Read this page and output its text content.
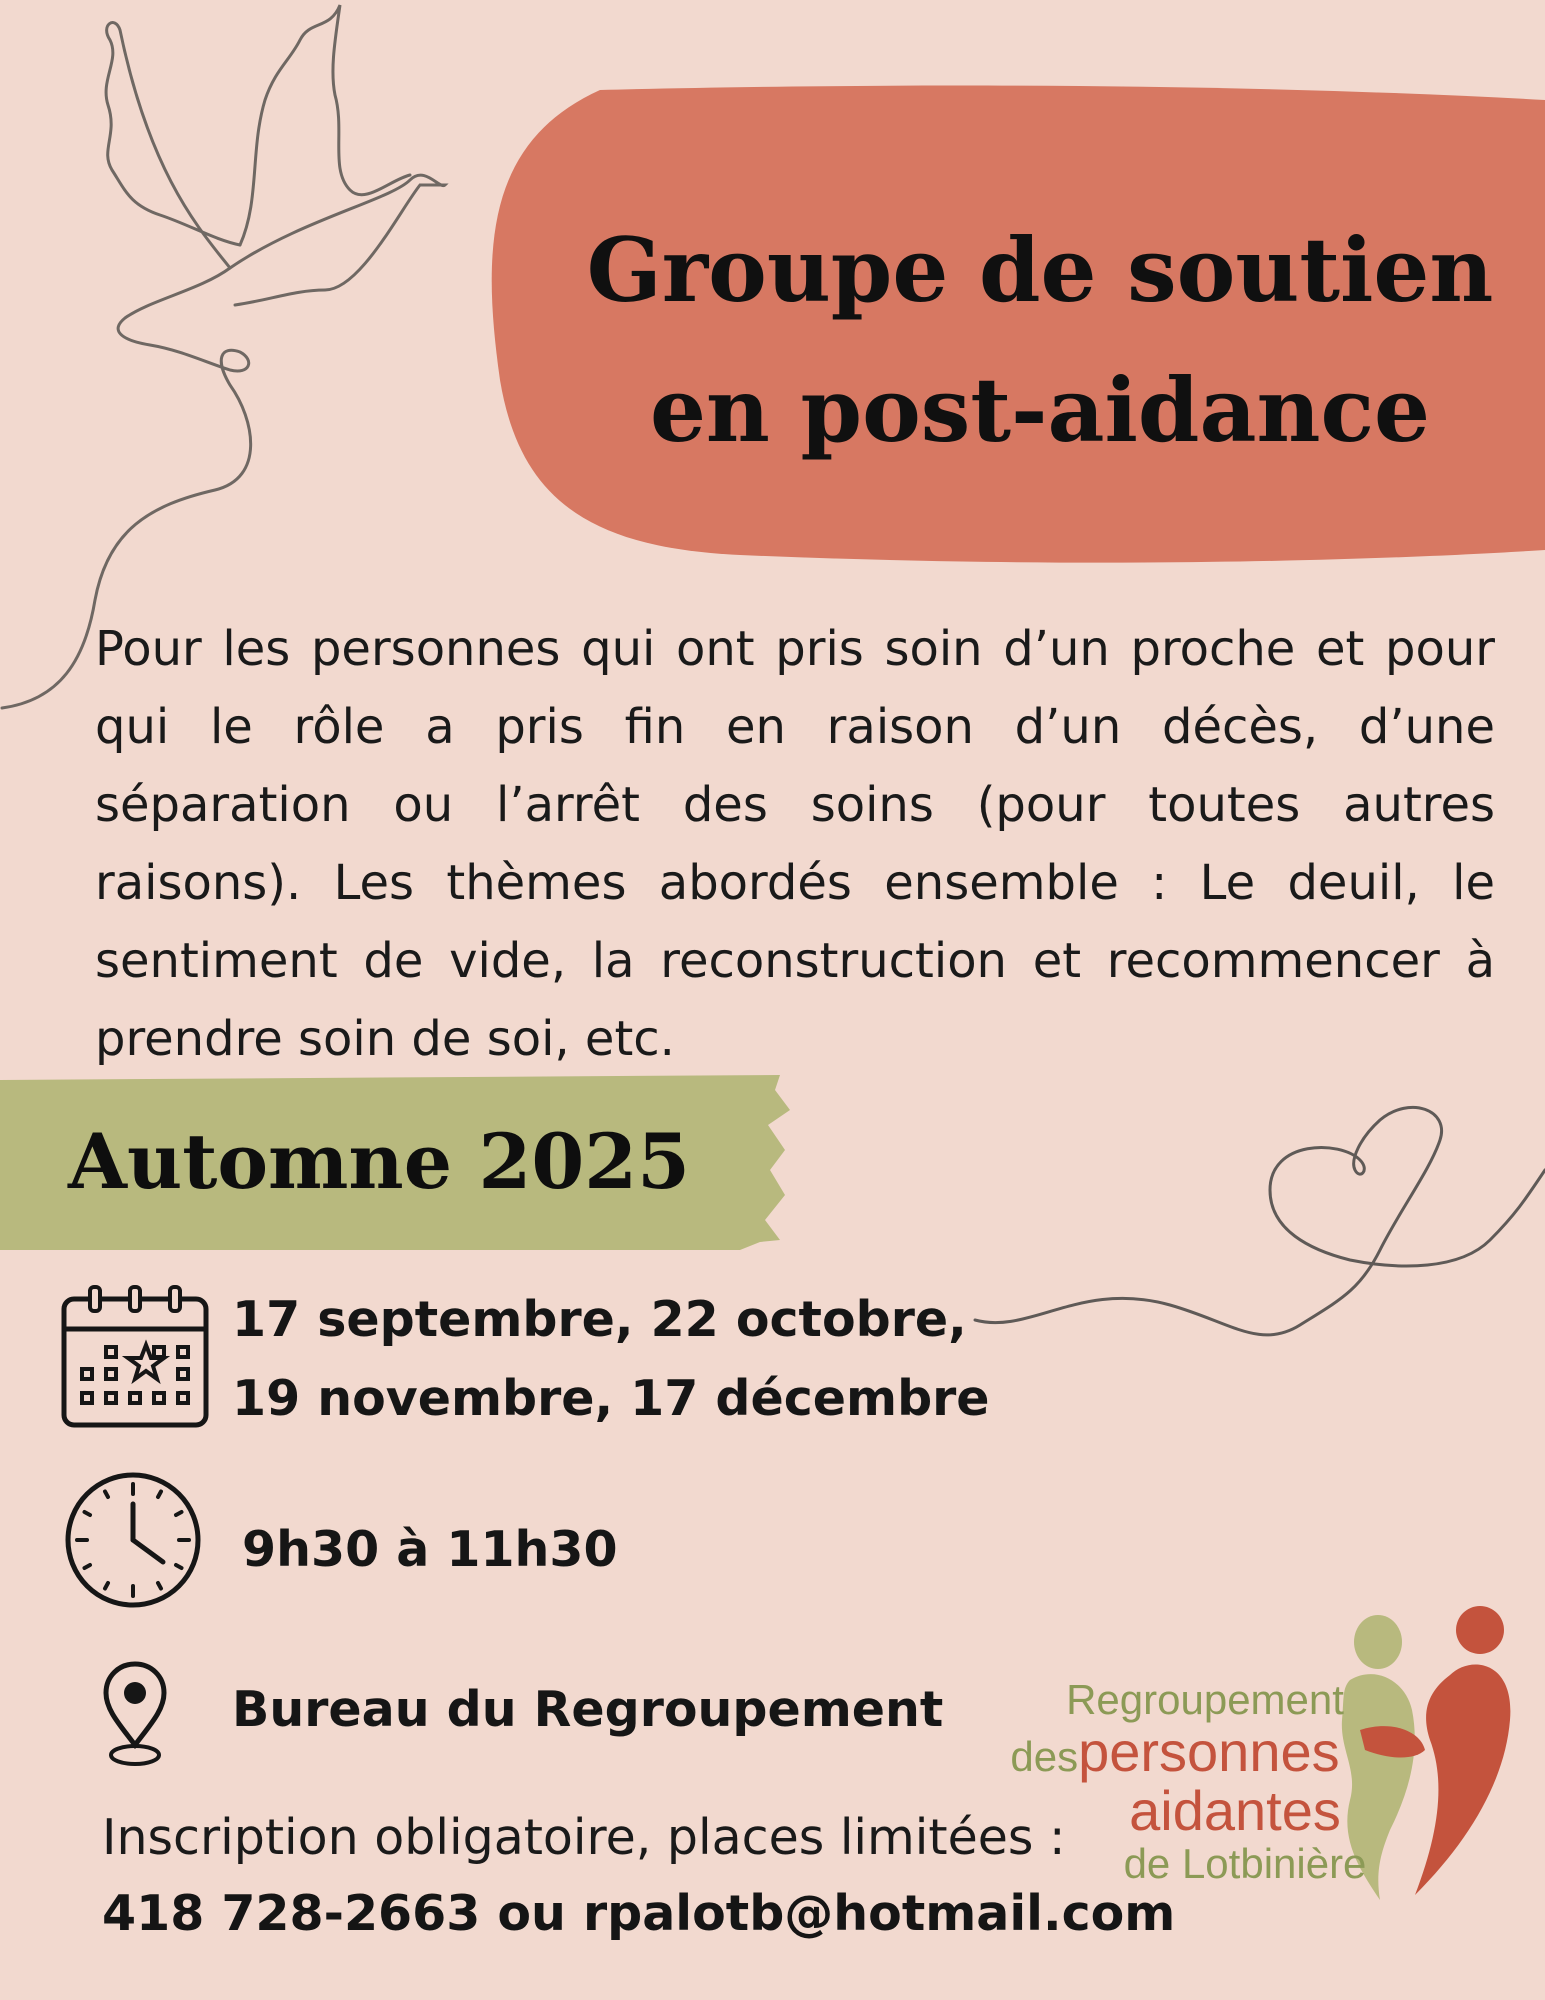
Groupe de soutien
en post-aidance

Pour les personnes qui ont pris soin d’un proche et pour qui le rôle a pris fin en raison d’un décès, d’une séparation ou l’arrêt des soins (pour toutes autres raisons). Les thèmes abordés ensemble : Le deuil, le sentiment de vide, la reconstruction et recommencer à prendre soin de soi, etc.

Automne 2025
17 septembre, 22 octobre,
19 novembre, 17 décembre
9h30 à 11h30
Bureau du Regroupement
Inscription obligatoire, places limitées :
418 728-2663 ou rpalotb@hotmail.com
Regroupement
despersonnes
aidantes
de Lotbinière
